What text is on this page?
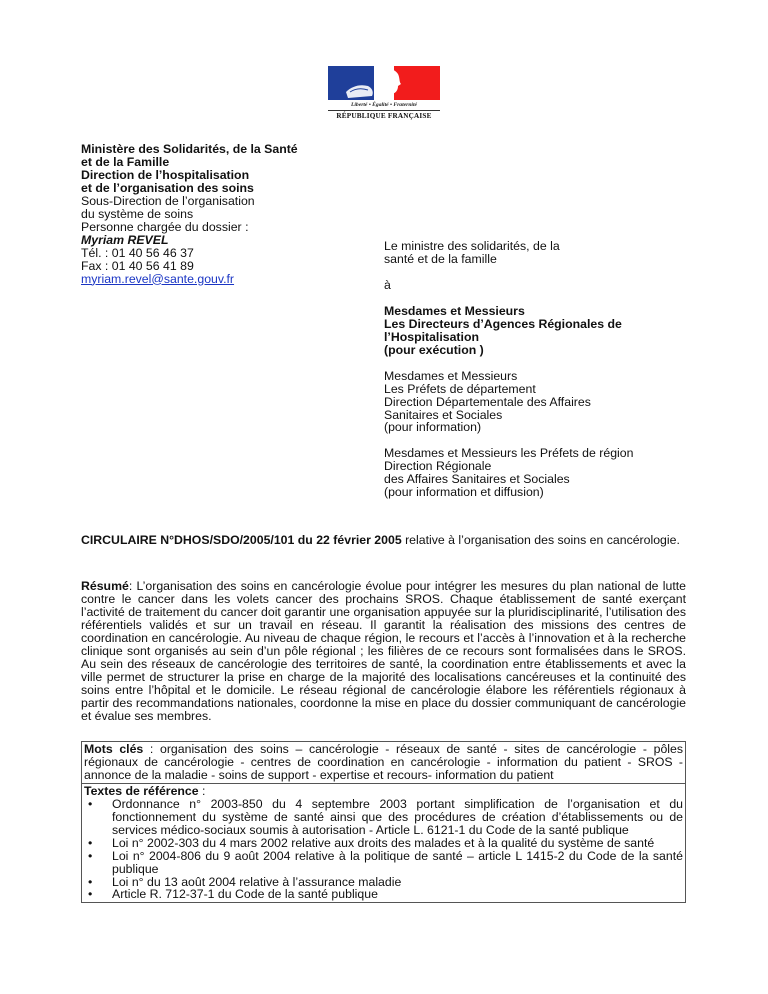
Liberté • Égalité • Fraternité
RÉPUBLIQUE FRANÇAISE
Ministère des Solidarités, de la Santé
et de la Famille
Direction de l’hospitalisation
et de l’organisation des soins
Sous-Direction de l’organisation
du système de soins
Personne chargée du dossier :
Myriam REVEL
Tél. : 01 40 56 46 37
Fax : 01 40 56 41 89
myriam.revel@sante.gouv.fr
Le ministre des solidarités, de la
santé et de la famille
à
Mesdames et Messieurs
Les Directeurs d’Agences Régionales de
l’Hospitalisation
(pour exécution )
Mesdames et Messieurs
Les Préfets de département
Direction Départementale des Affaires
Sanitaires et Sociales
(pour information)
Mesdames et Messieurs les Préfets de région
Direction Régionale
des Affaires Sanitaires et Sociales
(pour information et diffusion)
CIRCULAIRE N°DHOS/SDO/2005/101 du 22 février 2005 relative à l’organisation des soins en cancérologie.
Résumé: L’organisation des soins en cancérologie évolue pour intégrer les mesures du plan national de lutte contre le cancer dans les volets cancer des prochains SROS. Chaque établissement de santé exerçant l’activité de traitement du cancer doit garantir une organisation appuyée sur la pluridisciplinarité, l’utilisation des référentiels validés et sur un travail en réseau. Il garantit la réalisation des missions des centres de coordination en cancérologie. Au niveau de chaque région, le recours et l’accès à l’innovation et à la recherche clinique sont organisés au sein d’un pôle régional ; les filières de ce recours sont formalisées dans le SROS. Au sein des réseaux de cancérologie des territoires de santé, la coordination entre établissements et avec la ville permet de structurer la prise en charge de la majorité des localisations cancéreuses et la continuité des soins entre l’hôpital et le domicile. Le réseau régional de cancérologie élabore les référentiels régionaux à partir des recommandations nationales, coordonne la mise en place du dossier communiquant de cancérologie et évalue ses membres.
Mots clés : organisation des soins – cancérologie - réseaux de santé - sites de cancérologie - pôles régionaux de cancérologie - centres de coordination en cancérologie - information du patient - SROS - annonce de la maladie - soins de support - expertise et recours- information du patient
Textes de référence :
• Ordonnance n° 2003-850 du 4 septembre 2003 portant simplification de l’organisation et du fonctionnement du système de santé ainsi que des procédures de création d’établissements ou de services médico-sociaux soumis à autorisation - Article L. 6121-1 du Code de la santé publique
• Loi n° 2002-303 du 4 mars 2002 relative aux droits des malades et à la qualité du système de santé
• Loi n° 2004-806 du 9 août 2004 relative à la politique de santé – article L 1415-2 du Code de la santé publique
• Loi n° du 13 août 2004 relative à l’assurance maladie
• Article R. 712-37-1 du Code de la santé publique
